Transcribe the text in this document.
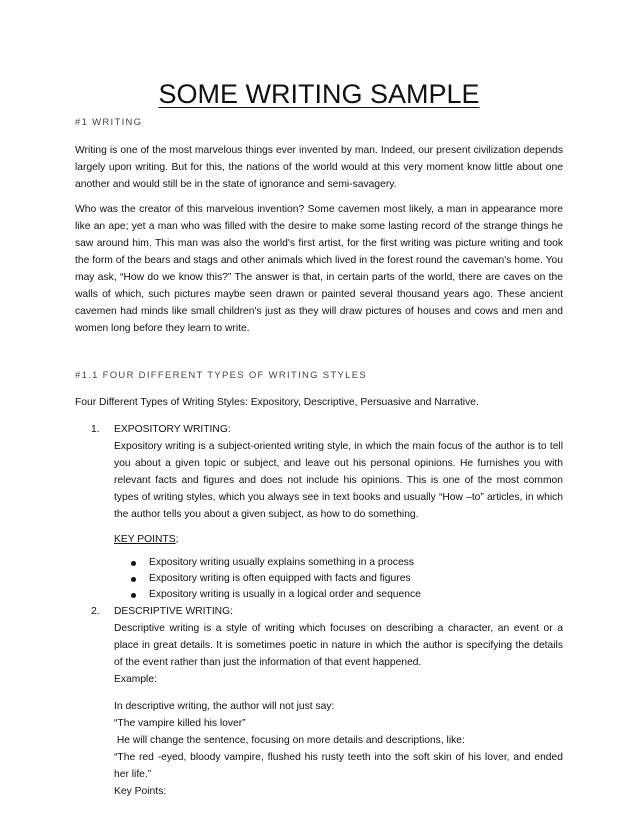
SOME WRITING SAMPLE
#1 WRITING

Writing is one of the most marvelous things ever invented by man. Indeed, our present civilization depends largely upon writing. But for this, the nations of the world would at this very moment know little about one another and would still be in the state of ignorance and semi-savagery.

Who was the creator of this marvelous invention? Some cavemen most likely, a man in appearance more like an ape; yet a man who was filled with the desire to make some lasting record of the strange things he saw around him. This man was also the world's first artist, for the first writing was picture writing and took the form of the bears and stags and other animals which lived in the forest round the caveman's home. You may ask, “How do we know this?” The answer is that, in certain parts of the world, there are caves on the walls of which, such pictures maybe seen drawn or painted several thousand years ago. These ancient cavemen had minds like small children's just as they will draw pictures of houses and cows and men and women long before they learn to write.

#1.1 FOUR DIFFERENT TYPES OF WRITING STYLES

Four Different Types of Writing Styles: Expository, Descriptive, Persuasive and Narrative.

1. EXPOSITORY WRITING:
Expository writing is a subject-oriented writing style, in which the main focus of the author is to tell you about a given topic or subject, and leave out his personal opinions. He furnishes you with relevant facts and figures and does not include his opinions. This is one of the most common types of writing styles, which you always see in text books and usually “How –to” articles, in which the author tells you about a given subject, as how to do something.
KEY POINTS;
Expository writing usually explains something in a process
Expository writing is often equipped with facts and figures
Expository writing is usually in a logical order and sequence
2. DESCRIPTIVE WRITING:
Descriptive writing is a style of writing which focuses on describing a character, an event or a place in great details. It is sometimes poetic in nature in which the author is specifying the details of the event rather than just the information of that event happened.
Example:
In descriptive writing, the author will not just say:
“The vampire killed his lover”
He will change the sentence, focusing on more details and descriptions, like:
“The red -eyed, bloody vampire, flushed his rusty teeth into the soft skin of his lover, and ended her life.”
Key Points:
